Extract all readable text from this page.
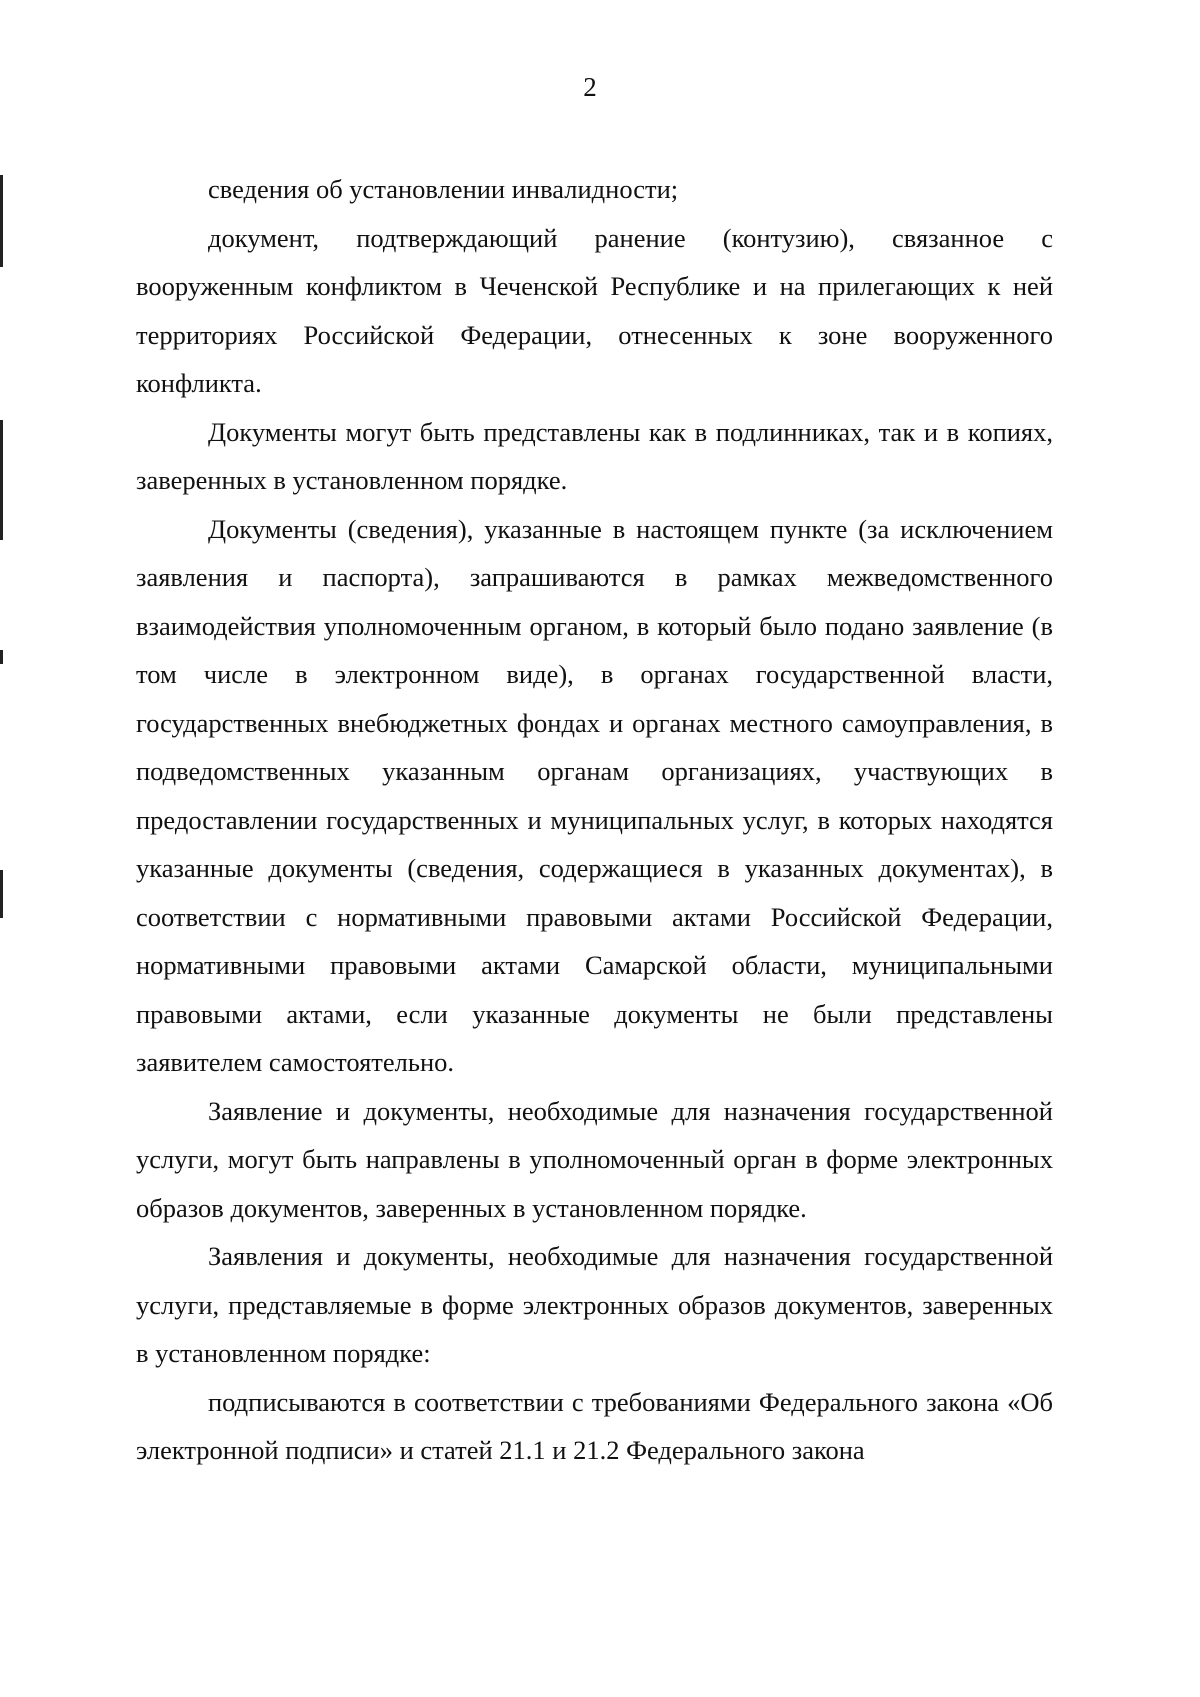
2

сведения об установлении инвалидности;

документ, подтверждающий ранение (контузию), связанное с вооруженным конфликтом в Чеченской Республике и на прилегающих к ней территориях Российской Федерации, отнесенных к зоне вооруженного конфликта.

Документы могут быть представлены как в подлинниках, так и в копиях, заверенных в установленном порядке.

Документы (сведения), указанные в настоящем пункте (за исключением заявления и паспорта), запрашиваются в рамках межведомственного взаимодействия уполномоченным органом, в который было подано заявление (в том числе в электронном виде), в органах государственной власти, государственных внебюджетных фондах и органах местного самоуправления, в подведомственных указанным органам организациях, участвующих в предоставлении государственных и муниципальных услуг, в которых находятся указанные документы (сведения, содержащиеся в указанных документах), в соответствии с нормативными правовыми актами Российской Федерации, нормативными правовыми актами Самарской области, муниципальными правовыми актами, если указанные документы не были представлены заявителем самостоятельно.

Заявление и документы, необходимые для назначения государственной услуги, могут быть направлены в уполномоченный орган в форме электронных образов документов, заверенных в установленном порядке.

Заявления и документы, необходимые для назначения государственной услуги, представляемые в форме электронных образов документов, заверенных в установленном порядке:

подписываются в соответствии с требованиями Федерального закона «Об электронной подписи» и статей 21.1 и 21.2 Федерального закона
